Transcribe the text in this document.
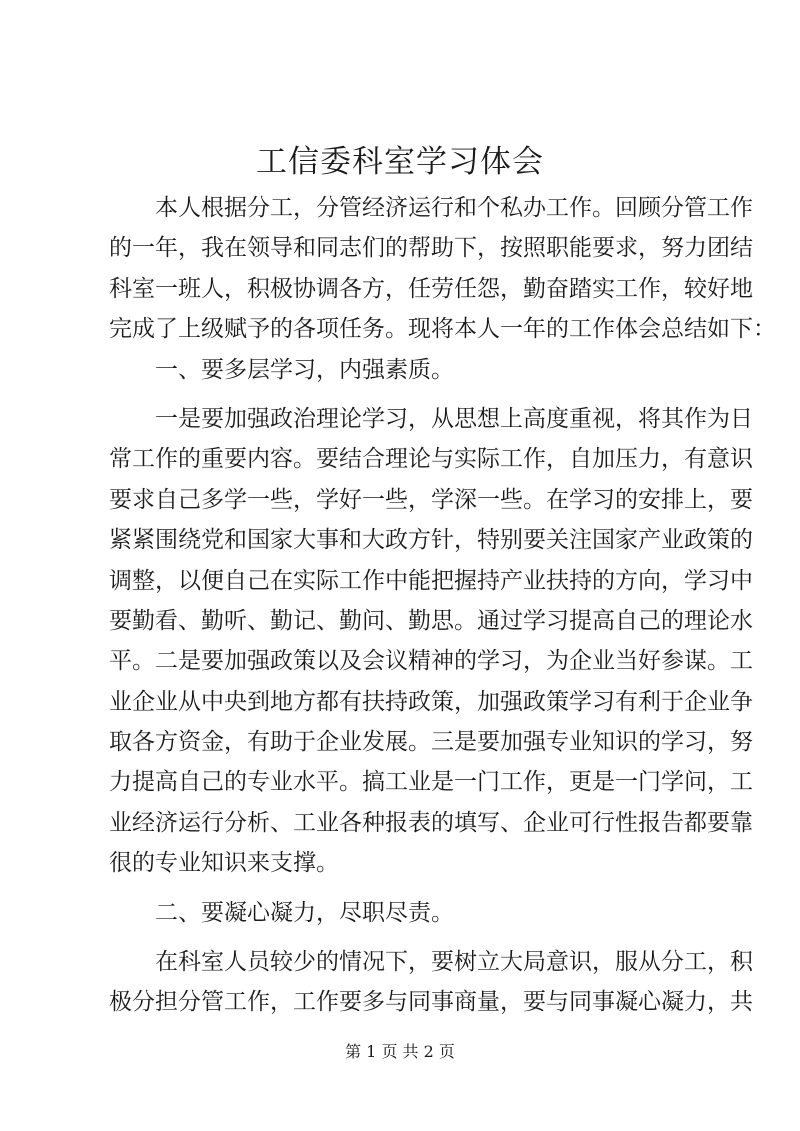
工信委科室学习体会
本人根据分工，分管经济运行和个私办工作。回顾分管工作
的一年，我在领导和同志们的帮助下，按照职能要求，努力团结
科室一班人，积极协调各方，任劳任怨，勤奋踏实工作，较好地
完成了上级赋予的各项任务。现将本人一年的工作体会总结如下：
一、要多层学习，内强素质。
一是要加强政治理论学习，从思想上高度重视，将其作为日
常工作的重要内容。要结合理论与实际工作，自加压力，有意识
要求自己多学一些，学好一些，学深一些。在学习的安排上，要
紧紧围绕党和国家大事和大政方针，特别要关注国家产业政策的
调整，以便自己在实际工作中能把握持产业扶持的方向，学习中
要勤看、勤听、勤记、勤问、勤思。通过学习提高自己的理论水
平。二是要加强政策以及会议精神的学习，为企业当好参谋。工
业企业从中央到地方都有扶持政策，加强政策学习有利于企业争
取各方资金，有助于企业发展。三是要加强专业知识的学习，努
力提高自己的专业水平。搞工业是一门工作，更是一门学问，工
业经济运行分析、工业各种报表的填写、企业可行性报告都要靠
很的专业知识来支撑。
二、要凝心凝力，尽职尽责。
在科室人员较少的情况下，要树立大局意识，服从分工，积
极分担分管工作，工作要多与同事商量，要与同事凝心凝力，共
第 1 页 共 2 页
